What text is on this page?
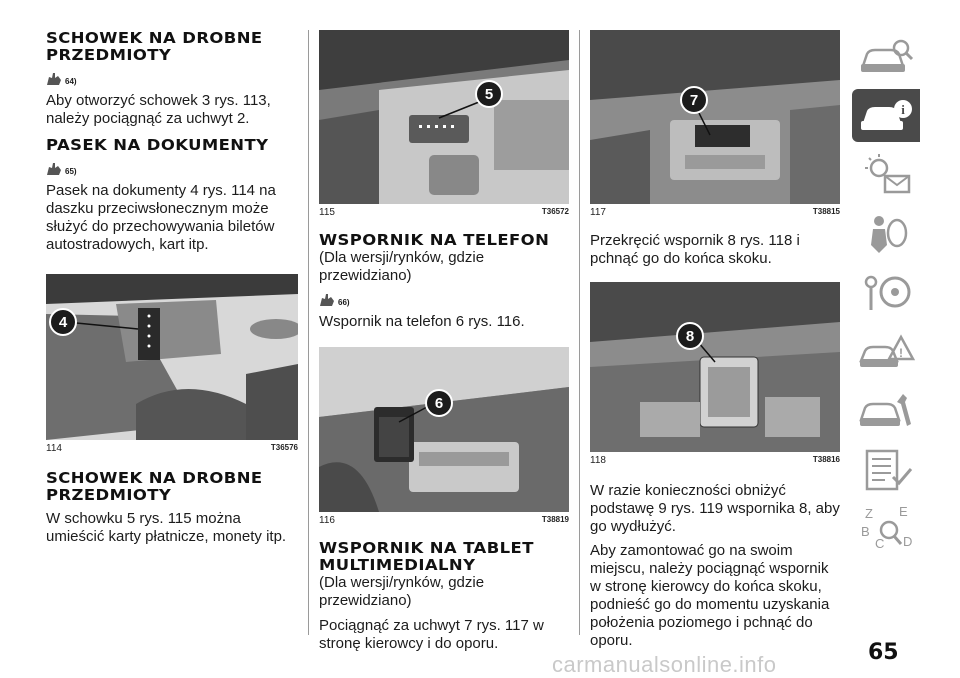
SCHOWEK NA DROBNE PRZEDMIOTY
64)

Aby otworzyć schowek 3 rys. 113, należy pociągnąć za uchwyt 2.

PASEK NA DOKUMENTY
65)

Pasek na dokumenty 4 rys. 114 na daszku przeciwsłonecznym może służyć do przechowywania biletów autostradowych, kart itp.

4
114	T36576
SCHOWEK NA DROBNE PRZEDMIOTY

W schowku 5 rys. 115 można umieścić karty płatnicze, monety itp.

5
115	T36572
WSPORNIK NA TELEFON

(Dla wersji/rynków, gdzie przewidziano)

66)

Wspornik na telefon 6 rys. 116.

6
116	T38819
WSPORNIK NA TABLET MULTIMEDIALNY

(Dla wersji/rynków, gdzie przewidziano)

Pociągnąć za uchwyt 7 rys. 117 w stronę kierowcy i do oporu.

7
117	T38815

Przekręcić wspornik 8 rys. 118 i pchnąć go do końca skoku.

8
118	T38816

W razie konieczności obniżyć podstawę 9 rys. 119 wspornika 8, aby go wydłużyć.

Aby zamontować go na swoim miejscu, należy pociągnąć wspornik w stronę kierowcy do końca skoku, podnieść go do momentu uzyskania położenia poziomego i pchnąć do oporu.

i
!
Z E
B
C D
65
carmanualsonline.info
